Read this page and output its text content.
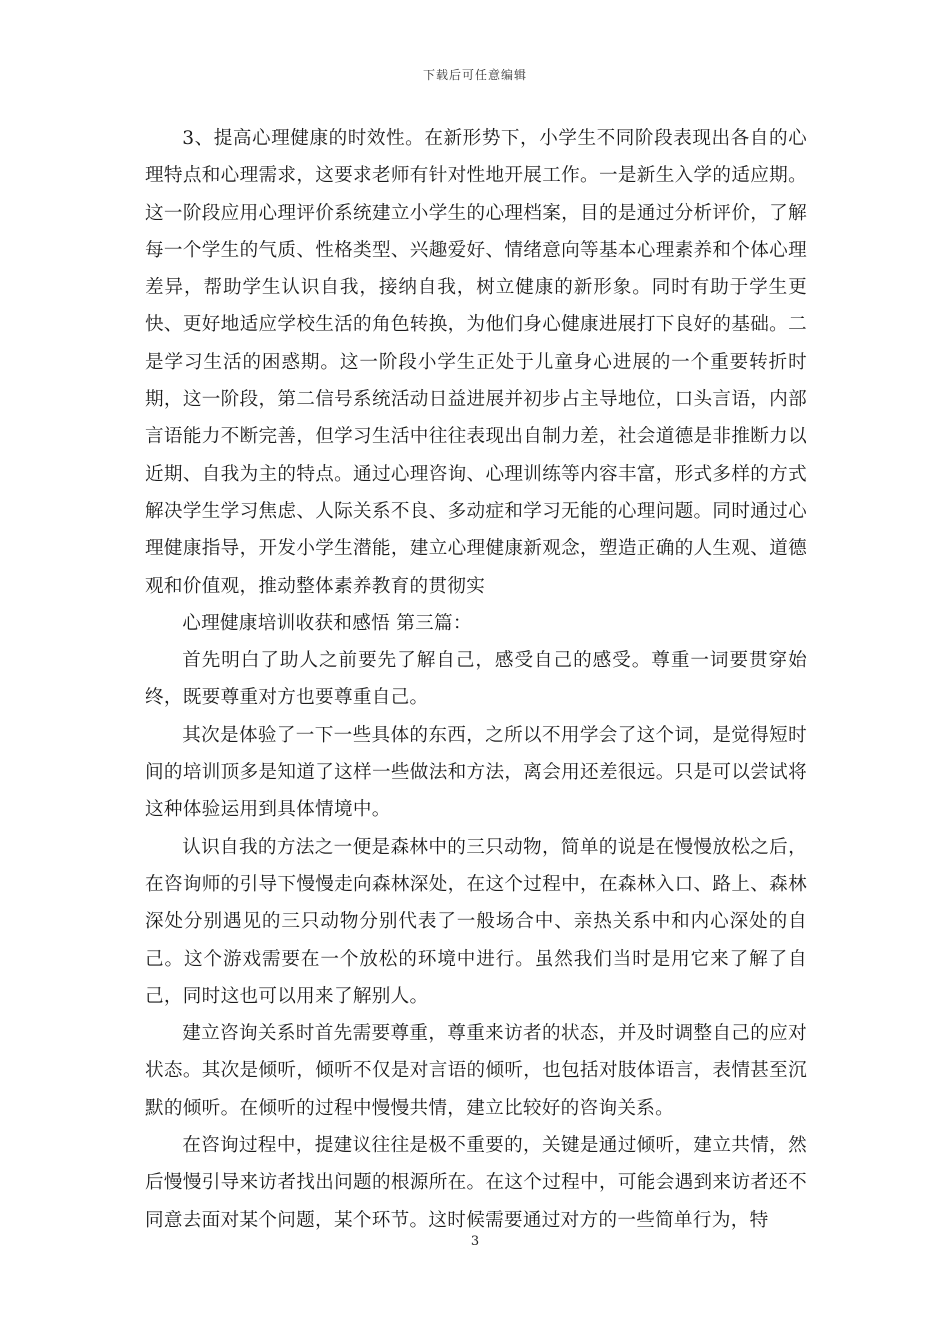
下载后可任意编辑

3、提高心理健康的时效性。在新形势下，小学生不同阶段表现出各自的心理特点和心理需求，这要求老师有针对性地开展工作。一是新生入学的适应期。这一阶段应用心理评价系统建立小学生的心理档案，目的是通过分析评价，了解每一个学生的气质、性格类型、兴趣爱好、情绪意向等基本心理素养和个体心理差异，帮助学生认识自我，接纳自我，树立健康的新形象。同时有助于学生更快、更好地适应学校生活的角色转换，为他们身心健康进展打下良好的基础。二是学习生活的困惑期。这一阶段小学生正处于儿童身心进展的一个重要转折时期，这一阶段，第二信号系统活动日益进展并初步占主导地位，口头言语，内部言语能力不断完善，但学习生活中往往表现出自制力差，社会道德是非推断力以近期、自我为主的特点。通过心理咨询、心理训练等内容丰富，形式多样的方式解决学生学习焦虑、人际关系不良、多动症和学习无能的心理问题。同时通过心理健康指导，开发小学生潜能，建立心理健康新观念，塑造正确的人生观、道德观和价值观，推动整体素养教育的贯彻实

心理健康培训收获和感悟 第三篇：

首先明白了助人之前要先了解自己，感受自己的感受。尊重一词要贯穿始终，既要尊重对方也要尊重自己。

其次是体验了一下一些具体的东西，之所以不用学会了这个词，是觉得短时间的培训顶多是知道了这样一些做法和方法，离会用还差很远。只是可以尝试将这种体验运用到具体情境中。

认识自我的方法之一便是森林中的三只动物，简单的说是在慢慢放松之后，在咨询师的引导下慢慢走向森林深处，在这个过程中，在森林入口、路上、森林深处分别遇见的三只动物分别代表了一般场合中、亲热关系中和内心深处的自己。这个游戏需要在一个放松的环境中进行。虽然我们当时是用它来了解了自己，同时这也可以用来了解别人。

建立咨询关系时首先需要尊重，尊重来访者的状态，并及时调整自己的应对状态。其次是倾听，倾听不仅是对言语的倾听，也包括对肢体语言，表情甚至沉默的倾听。在倾听的过程中慢慢共情，建立比较好的咨询关系。

在咨询过程中，提建议往往是极不重要的，关键是通过倾听，建立共情，然后慢慢引导来访者找出问题的根源所在。在这个过程中，可能会遇到来访者还不同意去面对某个问题，某个环节。这时候需要通过对方的一些简单行为，特

3
